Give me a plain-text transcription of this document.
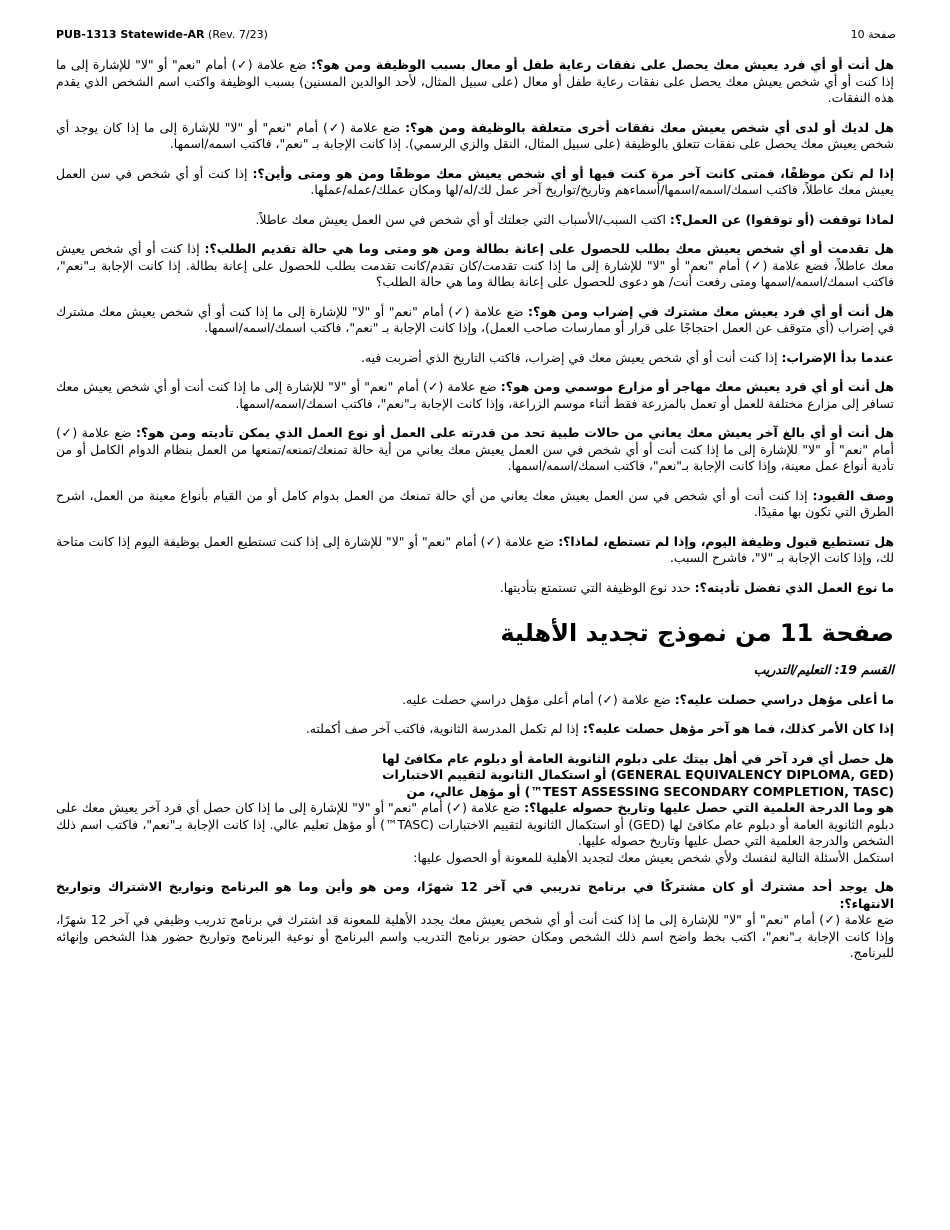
PUB-1313 Statewide-AR (Rev. 7/23)	صفحة 10

هل أنت أو أي فرد يعيش معك يحصل على نفقات رعاية طفل أو معال بسبب الوظيفة ومن هو؟: ضع علامة (✓) أمام "نعم" أو "لا" للإشارة إلى ما إذا كنت أو أي شخص يعيش معك يحصل على نفقات رعاية طفل أو معال (على سبيل المثال، لأحد الوالدين المسنين) بسبب الوظيفة واكتب اسم الشخص الذي يقدم هذه النفقات.

هل لديك أو لدى أي شخص يعيش معك نفقات أخرى متعلقة بالوظيفة ومن هو؟: ضع علامة (✓) أمام "نعم" أو "لا" للإشارة إلى ما إذا كان يوجد أي شخص يعيش معك يحصل على نفقات تتعلق بالوظيفة (على سبيل المثال، النقل والزي الرسمي). إذا كانت الإجابة بـ "نعم"، فاكتب اسمه/اسمها.

إذا لم تكن موظفًا، فمتى كانت آخر مرة كنت فيها أو أي شخص يعيش معك موظفًا ومن هو ومتى وأين؟: إذا كنت أو أي شخص في سن العمل يعيش معك عاطلاً، فاكتب اسمك/اسمه/اسمها/أسماءهم وتاريخ/تواريخ آخر عمل لك/له/لها ومكان عملك/عمله/عملها.

لماذا توقفت (أو توقفوا) عن العمل؟: اكتب السبب/الأسباب التي جعلتك أو أي شخص في سن العمل يعيش معك عاطلاً.

هل تقدمت أو أي شخص يعيش معك بطلب للحصول على إعانة بطالة ومن هو ومتى وما هي حالة تقديم الطلب؟: إذا كنت أو أي شخص يعيش معك عاطلاً، فضع علامة (✓) أمام "نعم" أو "لا" للإشارة إلى ما إذا كنت تقدمت/كان تقدم/كانت تقدمت بطلب للحصول على إعانة بطالة. إذا كانت الإجابة بـ"نعم"، فاكتب اسمك/اسمه/اسمها ومتى رفعت أنت/ هو دعوى للحصول على إعانة بطالة وما هي حالة الطلب؟

هل أنت أو أي فرد يعيش معك مشترك في إضراب ومن هو؟: ضع علامة (✓) أمام "نعم" أو "لا" للإشارة إلى ما إذا كنت أو أي شخص يعيش معك مشترك في إضراب (أي متوقف عن العمل احتجاجًا على قرار أو ممارسات صاحب العمل)، وإذا كانت الإجابة بـ "نعم"، فاكتب اسمك/اسمه/اسمها.

عندما بدأ الإضراب: إذا كنت أنت أو أي شخص يعيش معك في إضراب، فاكتب التاريخ الذي أضربت فيه.

هل أنت أو أي فرد يعيش معك مهاجر أو مزارع موسمي ومن هو؟: ضع علامة (✓) أمام "نعم" أو "لا" للإشارة إلى ما إذا كنت أنت أو أي شخص يعيش معك تسافر إلى مزارع مختلفة للعمل أو تعمل بالمزرعة فقط أثناء موسم الزراعة، وإذا كانت الإجابة بـ"نعم"، فاكتب اسمك/اسمه/اسمها.

هل أنت أو أي بالغ آخر يعيش معك يعاني من حالات طبية تحد من قدرته على العمل أو نوع العمل الذي يمكن تأديته ومن هو؟: ضع علامة (✓) أمام "نعم" أو "لا" للإشارة إلى ما إذا كنت أنت أو أي شخص في سن العمل يعيش معك يعاني من أية حالة تمنعك/تمنعه/تمنعها من العمل بنظام الدوام الكامل أو من تأدية أنواع عمل معينة، وإذا كانت الإجابة بـ"نعم"، فاكتب اسمك/اسمه/اسمها.

وصف القيود: إذا كنت أنت أو أي شخص في سن العمل يعيش معك يعاني من أي حالة تمنعك من العمل بدوام كامل أو من القيام بأنواع معينة من العمل، اشرح الطرق التي تكون بها مقيدًا.

هل تستطيع قبول وظيفة اليوم، وإذا لم تستطع، لماذا؟: ضع علامة (✓) أمام "نعم" أو "لا" للإشارة إلى إذا كنت تستطيع العمل بوظيفة اليوم إذا كانت متاحة لك، وإذا كانت الإجابة بـ "لا"، فاشرح السبب.

ما نوع العمل الذي تفضل تأديته؟: حدد نوع الوظيفة التي تستمتع بتأديتها.

صفحة 11 من نموذج تجديد الأهلية

القسم 19: التعليم/التدريب

ما أعلى مؤهل دراسي حصلت عليه؟: ضع علامة (✓) أمام أعلى مؤهل دراسي حصلت عليه.

إذا كان الأمر كذلك، فما هو آخر مؤهل حصلت عليه؟: إذا لم تكمل المدرسة الثانوية، فاكتب آخر صف أكملته.

هل حصل أي فرد آخر في أهل بيتك على دبلوم الثانوية العامة أو دبلوم عام مكافئ لها
(GENERAL EQUIVALENCY DIPLOMA, GED) أو استكمال الثانوية لتقييم الاختبارات
(TEST ASSESSING SECONDARY COMPLETION, TASC™) أو مؤهل عالي، من
هو وما الدرجة العلمية التي حصل عليها وتاريخ حصوله عليها؟: ضع علامة (✓) أمام "نعم" أو "لا" للإشارة إلى ما إذا كان حصل أي فرد آخر يعيش معك على دبلوم الثانوية العامة أو دبلوم عام مكافئ لها (GED) أو استكمال الثانوية لتقييم الاختبارات (TASC™) أو مؤهل تعليم عالي. إذا كانت الإجابة بـ"نعم"، فاكتب اسم ذلك الشخص والدرجة العلمية التي حصل عليها وتاريخ حصوله عليها.

استكمل الأسئلة التالية لنفسك ولأي شخص يعيش معك لتجديد الأهلية للمعونة أو الحصول عليها:

هل يوجد أحد مشترك أو كان مشتركًا في برنامج تدريبي في آخر 12 شهرًا، ومن هو وأين وما هو البرنامج وتواريخ الاشتراك وتواريخ الانتهاء؟:
ضع علامة (✓) أمام "نعم" أو "لا" للإشارة إلى ما إذا كنت أنت أو أي شخص يعيش معك يجدد الأهلية للمعونة قد اشترك في برنامج تدريب وظيفي في آخر 12 شهرًا، وإذا كانت الإجابة بـ"نعم"، اكتب بخط واضح اسم ذلك الشخص ومكان حضور برنامج التدريب واسم البرنامج أو نوعية البرنامج وتواريخ حضور هذا الشخص وإنهائه للبرنامج.
